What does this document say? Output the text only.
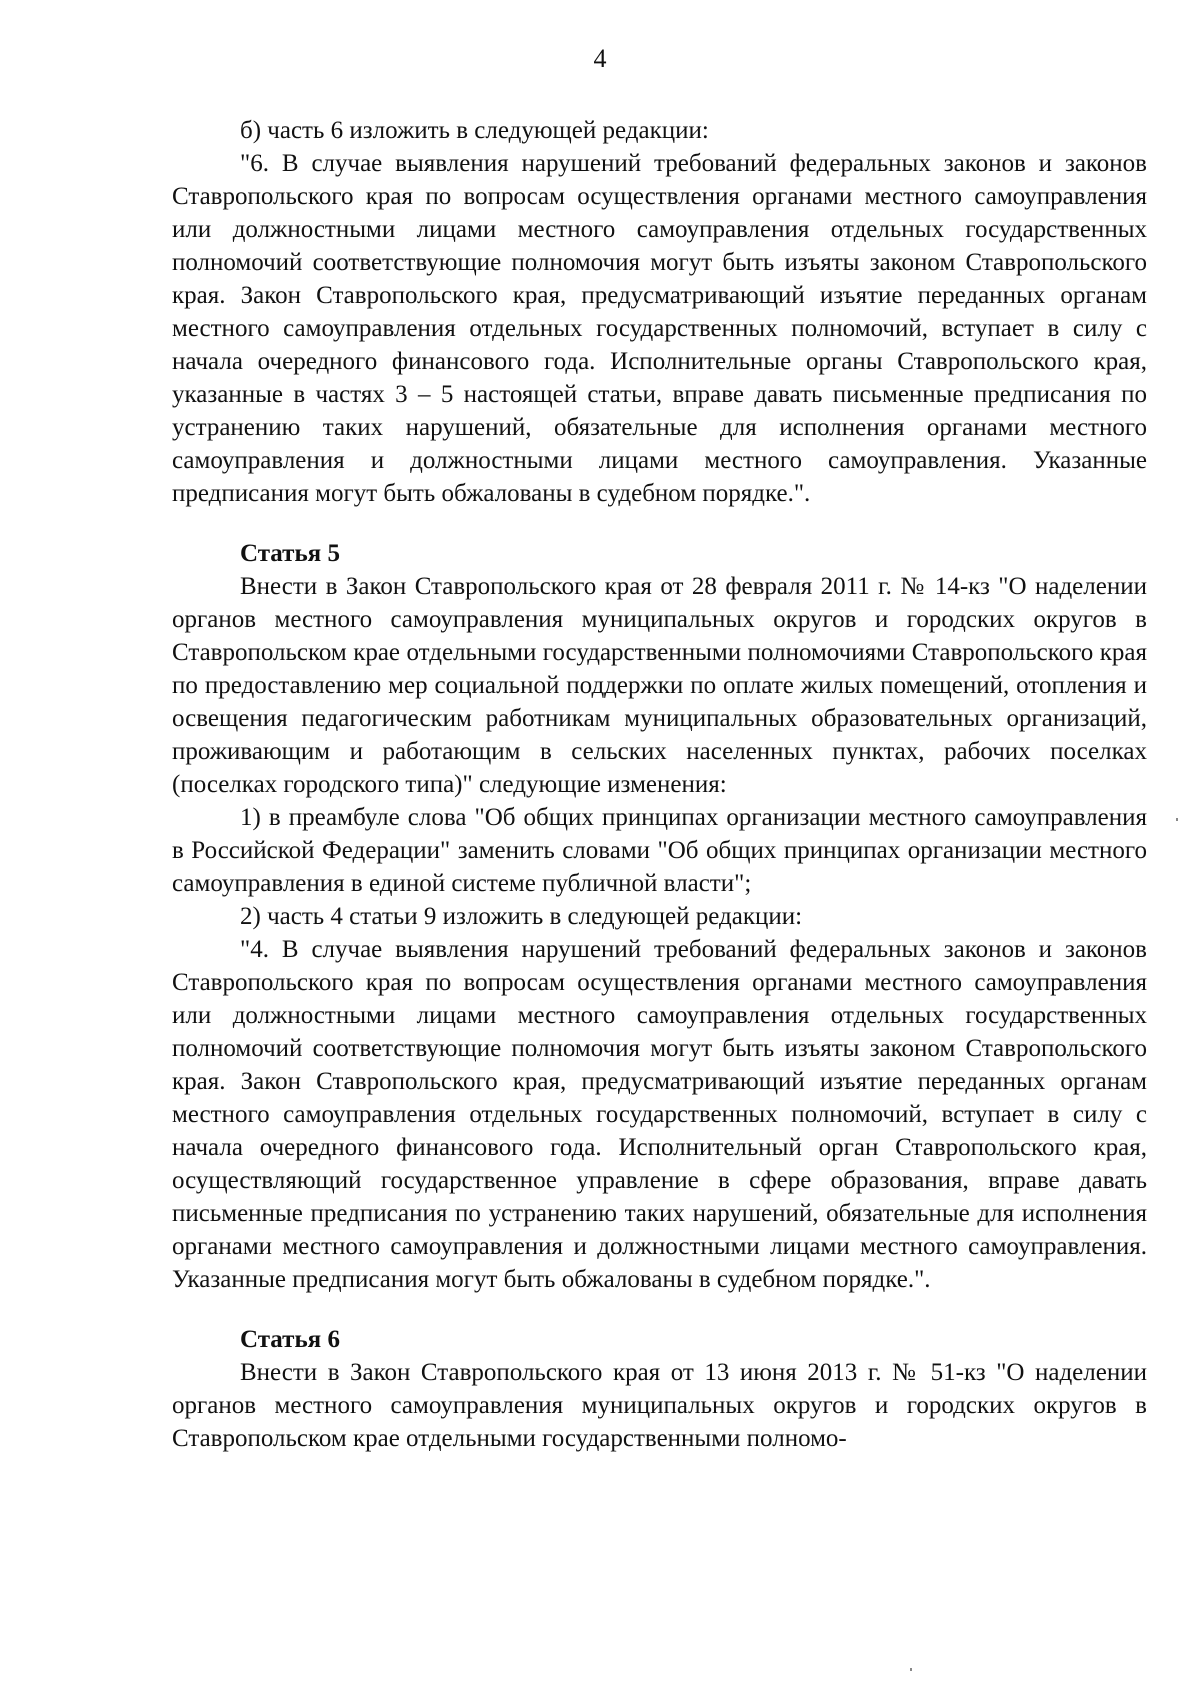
4

б) часть 6 изложить в следующей редакции:

"6. В случае выявления нарушений требований федеральных законов и законов Ставропольского края по вопросам осуществления органами местного самоуправления или должностными лицами местного самоуправления отдельных государственных полномочий соответствующие полномочия могут быть изъяты законом Ставропольского края. Закон Ставропольского края, предусматривающий изъятие переданных органам местного самоуправления отдельных государственных полномочий, вступает в силу с начала очередного финансового года. Исполнительные органы Ставропольского края, указанные в частях 3 – 5 настоящей статьи, вправе давать письменные предписания по устранению таких нарушений, обязательные для исполнения органами местного самоуправления и должностными лицами местного самоуправления. Указанные предписания могут быть обжалованы в судебном порядке.".

Статья 5

Внести в Закон Ставропольского края от 28 февраля 2011 г. № 14-кз "О наделении органов местного самоуправления муниципальных округов и городских округов в Ставропольском крае отдельными государственными полномочиями Ставропольского края по предоставлению мер социальной поддержки по оплате жилых помещений, отопления и освещения педагогическим работникам муниципальных образовательных организаций, проживающим и работающим в сельских населенных пунктах, рабочих поселках (поселках городского типа)" следующие изменения:

1) в преамбуле слова "Об общих принципах организации местного самоуправления в Российской Федерации" заменить словами "Об общих принципах организации местного самоуправления в единой системе публичной власти";

2) часть 4 статьи 9 изложить в следующей редакции:

"4. В случае выявления нарушений требований федеральных законов и законов Ставропольского края по вопросам осуществления органами местного самоуправления или должностными лицами местного самоуправления отдельных государственных полномочий соответствующие полномочия могут быть изъяты законом Ставропольского края. Закон Ставропольского края, предусматривающий изъятие переданных органам местного самоуправления отдельных государственных полномочий, вступает в силу с начала очередного финансового года. Исполнительный орган Ставропольского края, осуществляющий государственное управление в сфере образования, вправе давать письменные предписания по устранению таких нарушений, обязательные для исполнения органами местного самоуправления и должностными лицами местного самоуправления. Указанные предписания могут быть обжалованы в судебном порядке.".

Статья 6

Внести в Закон Ставропольского края от 13 июня 2013 г. № 51-кз "О наделении органов местного самоуправления муниципальных округов и городских округов в Ставропольском крае отдельными государственными полномо-
